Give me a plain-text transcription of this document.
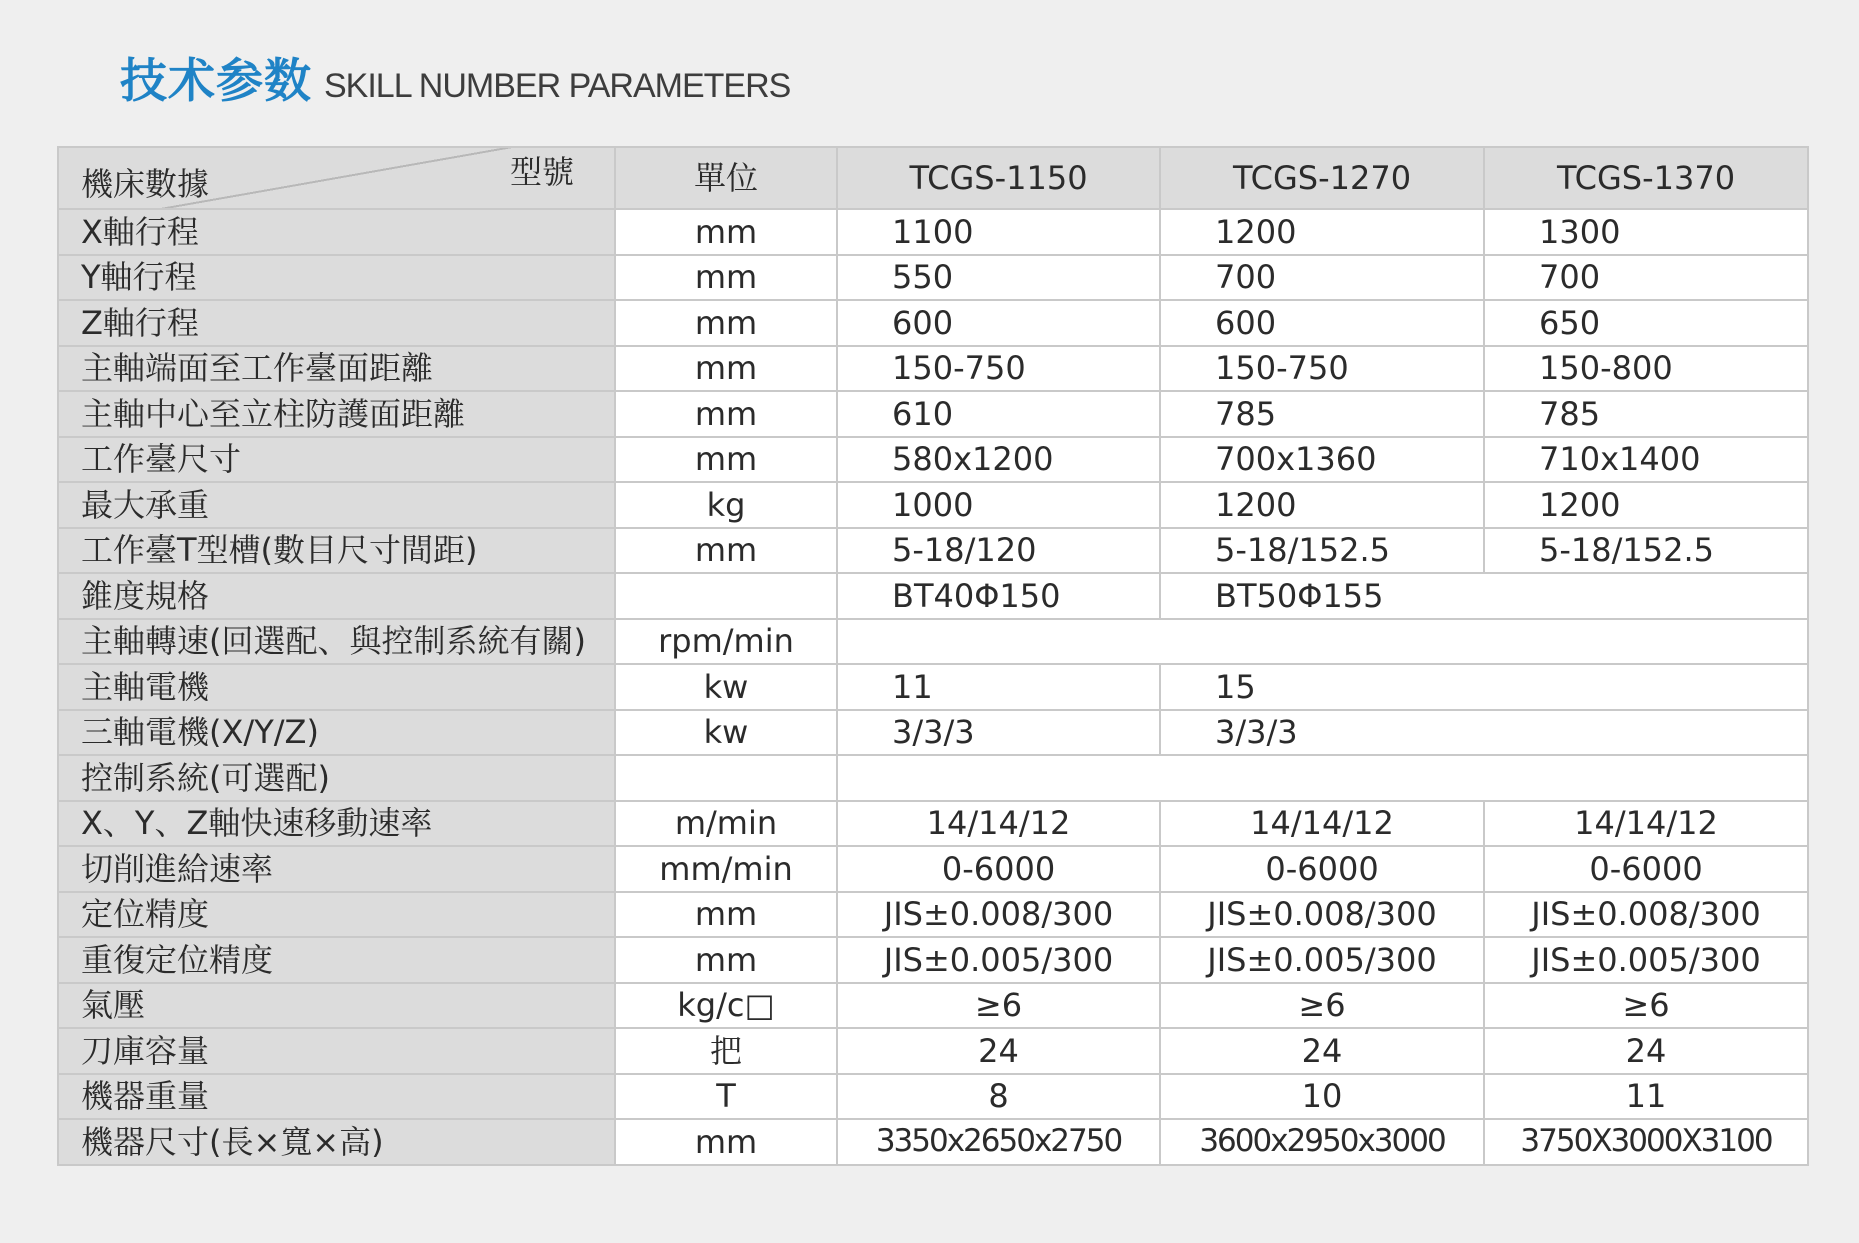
技术参数 SKILL NUMBER PARAMETERS
機床數據 型號	單位	TCGS-1150	TCGS-1270	TCGS-1370
X軸行程	mm	1100	1200	1300
Y軸行程	mm	550	700	700
Z軸行程	mm	600	600	650
主軸端面至工作臺面距離	mm	150-750	150-750	150-800
主軸中心至立柱防護面距離	mm	610	785	785
工作臺尺寸	mm	580x1200	700x1360	710x1400
最大承重	kg	1000	1200	1200
工作臺T型槽(數目尺寸間距)	mm	5-18/120	5-18/152.5	5-18/152.5
錐度規格		BT40Φ150	BT50Φ155	
主軸轉速(回選配、與控制系統有關)	rpm/min			
主軸電機	kw	11	15	
三軸電機(X/Y/Z)	kw	3/3/3	3/3/3	
控制系統(可選配)				
X、Y、Z軸快速移動速率	m/min	14/14/12	14/14/12	14/14/12
切削進給速率	mm/min	0-6000	0-6000	0-6000
定位精度	mm	JIS±0.008/300	JIS±0.008/300	JIS±0.008/300
重復定位精度	mm	JIS±0.005/300	JIS±0.005/300	JIS±0.005/300
氣壓	kg/c□	≥6	≥6	≥6
刀庫容量	把	24	24	24
機器重量	T	8	10	11
機器尺寸(長×寬×高)	mm	3350x2650x2750	3600x2950x3000	3750X3000X3100
